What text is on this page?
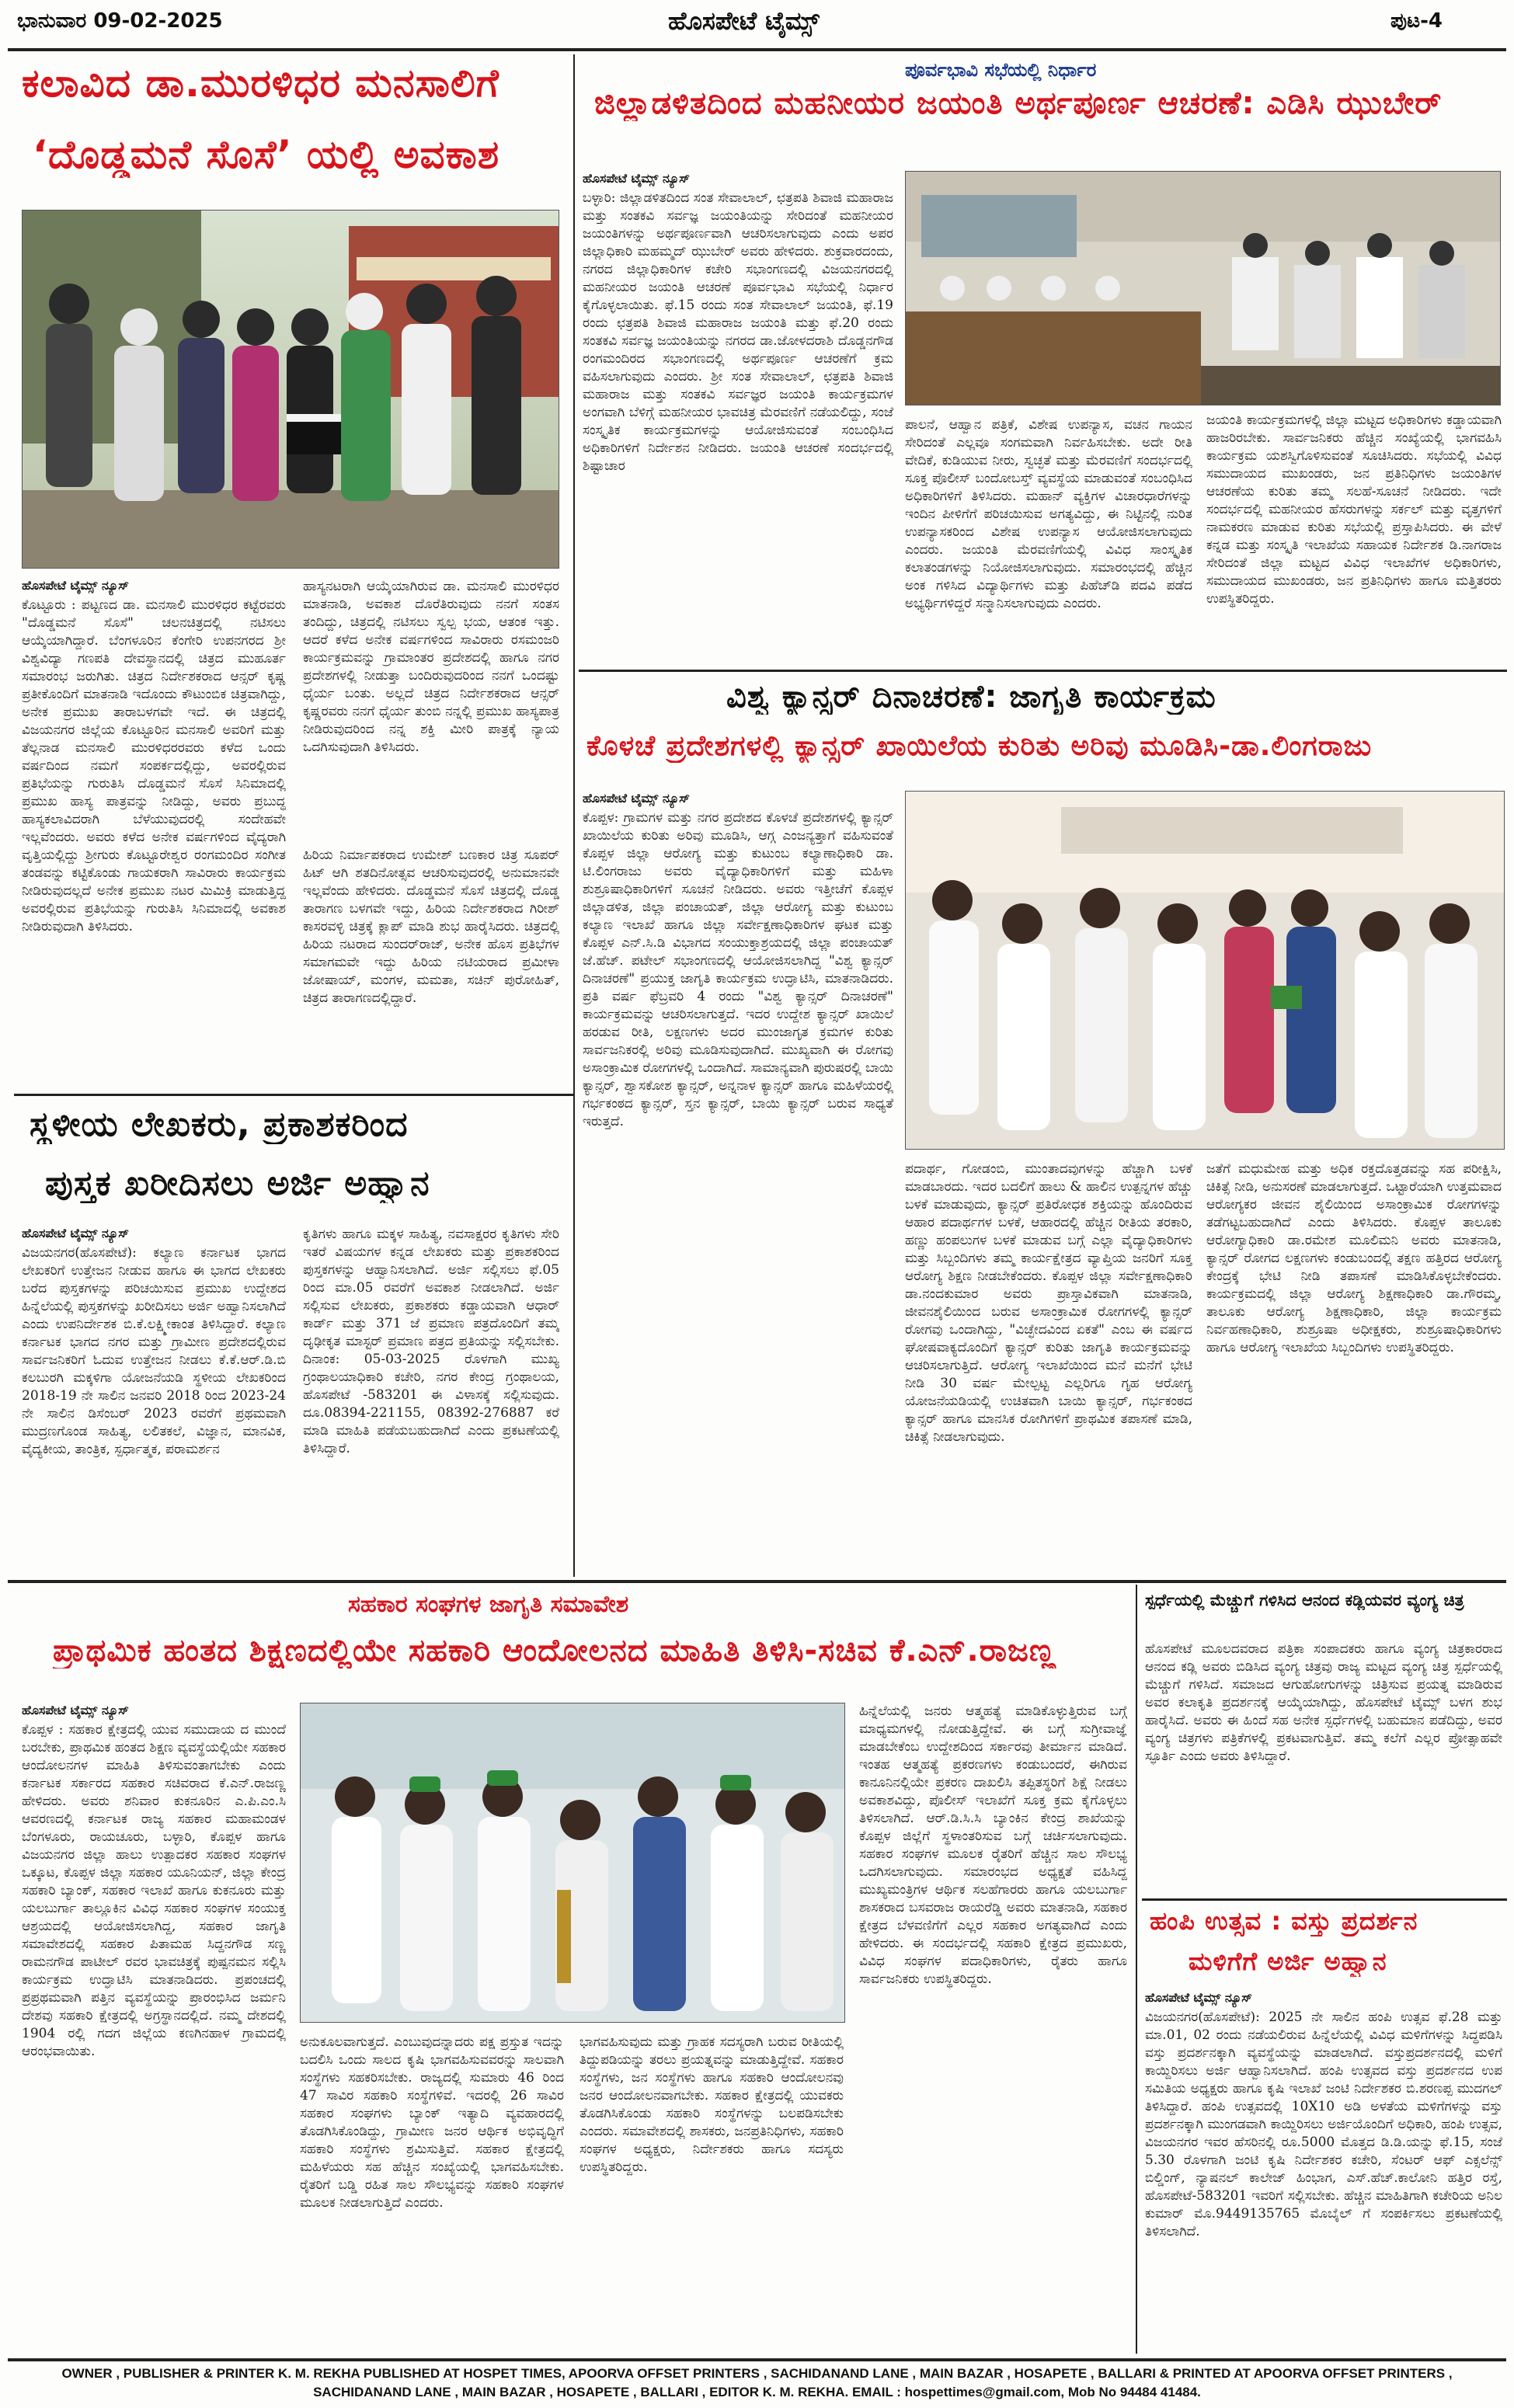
ಭಾನುವಾರ 09-02-2025	ಹೊಸಪೇಟೆ ಟೈಮ್ಸ್	ಪುಟ-4
ಕಲಾವಿದ ಡಾ.ಮುರಳಿಧರ ಮನಸಾಲಿಗೆ
‘ದೊಡ್ಡಮನೆ ಸೊಸೆ’ ಯಲ್ಲಿ ಅವಕಾಶ
ಹೊಸಪೇಟೆ ಟೈಮ್ಸ್ ನ್ಯೂಸ್
ಕೊಟ್ಟೂರು : ಪಟ್ಟಣದ ಡಾ. ಮನಸಾಲಿ ಮುರಳಿಧರ ಕಟ್ಟೆರವರು "ದೊಡ್ಡಮನೆ ಸೊಸೆ" ಚಲನಚಿತ್ರದಲ್ಲಿ ನಟಿಸಲು ಆಯ್ಕೆಯಾಗಿದ್ದಾರೆ. ಬೆಂಗಳೂರಿನ ಕೆಂಗೇರಿ ಉಪನಗರದ ಶ್ರೀ ವಿಶ್ವವಿದ್ಯಾ ಗಣಪತಿ ದೇವಸ್ಥಾನದಲ್ಲಿ ಚಿತ್ರದ ಮುಹೂರ್ತ ಸಮಾರಂಭ ಜರುಗಿತು. ಚಿತ್ರದ ನಿರ್ದೇಶಕರಾದ ಆನ್ಸರ್ ಕೃಷ್ಣ ಪ್ರತೀಕೊಂದಿಗೆ ಮಾತನಾಡಿ ಇದೊಂದು ಕೌಟುಂಬಿಕ ಚಿತ್ರವಾಗಿದ್ದು, ಅನೇಕ ಪ್ರಮುಖ ತಾರಾಬಳಗವೇ ಇದೆ. ಈ ಚಿತ್ರದಲ್ಲಿ ವಿಜಯನಗರ ಜಿಲ್ಲೆಯ ಕೊಟ್ಟೂರಿನ ಮನಸಾಲಿ ಅವರಿಗೆ ಮತ್ತು ತೆಲ್ಲನಾಡ ಮನಸಾಲಿ ಮುರಳಿಧರರವರು ಕಳೆದ ಒಂದು ವರ್ಷದಿಂದ ನಮಗೆ ಸಂಪರ್ಕದಲ್ಲಿದ್ದು, ಅವರಲ್ಲಿರುವ ಪ್ರತಿಭೆಯನ್ನು ಗುರುತಿಸಿ ದೊಡ್ಡಮನೆ ಸೊಸೆ ಸಿನಿಮಾದಲ್ಲಿ ಪ್ರಮುಖ ಹಾಸ್ಯ ಪಾತ್ರವನ್ನು ನೀಡಿದ್ದು, ಅವರು ಪ್ರಬುದ್ಧ ಹಾಸ್ಯಕಲಾವಿದರಾಗಿ ಬೆಳೆಯುವುದರಲ್ಲಿ ಸಂದೇಹವೇ ಇಲ್ಲವೆಂದರು. ಅವರು ಕಳೆದ ಅನೇಕ ವರ್ಷಗಳಿಂದ ವೈದ್ಯರಾಗಿ ವೃತ್ತಿಯಲ್ಲಿದ್ದು ಶ್ರೀಗುರು ಕೊಟ್ಟೂರೇಶ್ವರ ರಂಗಮಂದಿರ ಸಂಗೀತ ತಂಡವನ್ನು ಕಟ್ಟಿಕೊಂಡು ಗಾಯಕರಾಗಿ ಸಾವಿರಾರು ಕಾರ್ಯಕ್ರಮ ನೀಡಿರುವುದಲ್ಲದೆ ಅನೇಕ ಪ್ರಮುಖ ನಟರ ಮಿಮಿಕ್ರಿ ಮಾಡುತ್ತಿದ್ದ ಅವರಲ್ಲಿರುವ ಪ್ರತಿಭೆಯನ್ನು ಗುರುತಿಸಿ ಸಿನಿಮಾದಲ್ಲಿ ಅವಕಾಶ ನೀಡಿರುವುದಾಗಿ ತಿಳಿಸಿದರು.
ಹಾಸ್ಯನಟರಾಗಿ ಆಯ್ಕೆಯಾಗಿರುವ ಡಾ. ಮನಸಾಲಿ ಮುರಳಿಧರ ಮಾತನಾಡಿ, ಅವಕಾಶ ದೊರೆತಿರುವುದು ನನಗೆ ಸಂತಸ ತಂದಿದ್ದು, ಚಿತ್ರದಲ್ಲಿ ನಟಿಸಲು ಸ್ವಲ್ಪ ಭಯ, ಆತಂಕ ಇತ್ತು. ಆದರೆ ಕಳೆದ ಅನೇಕ ವರ್ಷಗಳಿಂದ ಸಾವಿರಾರು ರಸಮಂಜರಿ ಕಾರ್ಯಕ್ರಮವನ್ನು ಗ್ರಾಮಾಂತರ ಪ್ರದೇಶದಲ್ಲಿ ಹಾಗೂ ನಗರ ಪ್ರದೇಶಗಳಲ್ಲಿ ನೀಡುತ್ತಾ ಬಂದಿರುವುದರಿಂದ ನನಗೆ ಒಂದಷ್ಟು ಧೈರ್ಯ ಬಂತು. ಅಲ್ಲದೆ ಚಿತ್ರದ ನಿರ್ದೇಶಕರಾದ ಆನ್ಸರ್ ಕೃಷ್ಣರವರು ನನಗೆ ಧೈರ್ಯ ತುಂಬಿ ನನ್ನಲ್ಲಿ ಪ್ರಮುಖ ಹಾಸ್ಯಪಾತ್ರ ನೀಡಿರುವುದರಿಂದ ನನ್ನ ಶಕ್ತಿ ಮೀರಿ ಪಾತ್ರಕ್ಕೆ ನ್ಯಾಯ ಒದಗಿಸುವುದಾಗಿ ತಿಳಿಸಿದರು.
ಹಿರಿಯ ನಿರ್ಮಾಪಕರಾದ ಉಮೇಶ್ ಬಣಕಾರ ಚಿತ್ರ ಸೂಪರ್ ಹಿಟ್ ಆಗಿ ಶತದಿನೋತ್ಸವ ಆಚರಿಸುವುದರಲ್ಲಿ ಅನುಮಾನವೇ ಇಲ್ಲವೆಂದು ಹೇಳಿದರು. ದೊಡ್ಡಮನೆ ಸೊಸೆ ಚಿತ್ರದಲ್ಲಿ ದೊಡ್ಡ ತಾರಾಗಣ ಬಳಗವೇ ಇದ್ದು, ಹಿರಿಯ ನಿರ್ದೇಶಕರಾದ ಗಿರೀಶ್ ಕಾಸರವಳ್ಳಿ ಚಿತ್ರಕ್ಕೆ ಕ್ಲಾಪ್ ಮಾಡಿ ಶುಭ ಹಾರೈಸಿದರು. ಚಿತ್ರದಲ್ಲಿ ಹಿರಿಯ ನಟರಾದ ಸುಂದರ್‌ರಾಜ್, ಅನೇಕ ಹೊಸ ಪ್ರತಿಭೆಗಳ ಸಮಾಗಮವೇ ಇದ್ದು ಹಿರಿಯ ನಟಿಯರಾದ ಪ್ರಮೀಳಾ ಜೋಷಾಯ್, ಮಂಗಳ, ಮಮತಾ, ಸಚಿನ್ ಪುರೋಹಿತ್, ಚಿತ್ರದ ತಾರಾಗಣದಲ್ಲಿದ್ದಾರೆ.
ಪೂರ್ವಭಾವಿ ಸಭೆಯಲ್ಲಿ ನಿರ್ಧಾರ
ಜಿಲ್ಲಾಡಳಿತದಿಂದ ಮಹನೀಯರ ಜಯಂತಿ ಅರ್ಥಪೂರ್ಣ ಆಚರಣೆ: ಎಡಿಸಿ ಝುಬೇರ್
ಹೊಸಪೇಟೆ ಟೈಮ್ಸ್ ನ್ಯೂಸ್
ಬಳ್ಳಾರಿ: ಜಿಲ್ಲಾಡಳಿತದಿಂದ ಸಂತ ಸೇವಾಲಾಲ್, ಛತ್ರಪತಿ ಶಿವಾಜಿ ಮಹಾರಾಜ ಮತ್ತು ಸಂತಕವಿ ಸರ್ವಜ್ಞ ಜಯಂತಿಯನ್ನು ಸೇರಿದಂತೆ ಮಹನೀಯರ ಜಯಂತಿಗಳನ್ನು ಅರ್ಥಪೂರ್ಣವಾಗಿ ಆಚರಿಸಲಾಗುವುದು ಎಂದು ಅಪರ ಜಿಲ್ಲಾಧಿಕಾರಿ ಮಹಮ್ಮದ್ ಝುಬೇರ್ ಅವರು ಹೇಳಿದರು. ಶುಕ್ರವಾರದಂದು, ನಗರದ ಜಿಲ್ಲಾಧಿಕಾರಿಗಳ ಕಚೇರಿ ಸಭಾಂಗಣದಲ್ಲಿ ವಿಜಯನಗರದಲ್ಲಿ ಮಹನೀಯರ ಜಯಂತಿ ಆಚರಣೆ ಪೂರ್ವಭಾವಿ ಸಭೆಯಲ್ಲಿ ನಿರ್ಧಾರ ಕೈಗೊಳ್ಳಲಾಯಿತು. ಫೆ.15 ರಂದು ಸಂತ ಸೇವಾಲಾಲ್ ಜಯಂತಿ, ಫೆ.19 ರಂದು ಛತ್ರಪತಿ ಶಿವಾಜಿ ಮಹಾರಾಜ ಜಯಂತಿ ಮತ್ತು ಫೆ.20 ರಂದು ಸಂತಕವಿ ಸರ್ವಜ್ಞ ಜಯಂತಿಯನ್ನು ನಗರದ ಡಾ.ಜೋಳದರಾಶಿ ದೊಡ್ಡನಗೌಡ ರಂಗಮಂದಿರದ ಸಭಾಂಗಣದಲ್ಲಿ ಅರ್ಥಪೂರ್ಣ ಆಚರಣೆಗೆ ಕ್ರಮ ವಹಿಸಲಾಗುವುದು ಎಂದರು. ಶ್ರೀ ಸಂತ ಸೇವಾಲಾಲ್, ಛತ್ರಪತಿ ಶಿವಾಜಿ ಮಹಾರಾಜ ಮತ್ತು ಸಂತಕವಿ ಸರ್ವಜ್ಞರ ಜಯಂತಿ ಕಾರ್ಯಕ್ರಮಗಳ ಅಂಗವಾಗಿ ಬೆಳಿಗ್ಗೆ ಮಹನೀಯರ ಭಾವಚಿತ್ರ ಮೆರವಣಿಗೆ ನಡೆಯಲಿದ್ದು, ಸಂಜೆ ಸಂಸ್ಕೃತಿಕ ಕಾರ್ಯಕ್ರಮಗಳನ್ನು ಆಯೋಜಿಸುವಂತೆ ಸಂಬಂಧಿಸಿದ ಅಧಿಕಾರಿಗಳಿಗೆ ನಿರ್ದೇಶನ ನೀಡಿದರು. ಜಯಂತಿ ಆಚರಣೆ ಸಂದರ್ಭದಲ್ಲಿ ಶಿಷ್ಟಾಚಾರ
ಪಾಲನೆ, ಆಹ್ವಾನ ಪತ್ರಿಕೆ, ವಿಶೇಷ ಉಪನ್ಯಾಸ, ವಚನ ಗಾಯನ ಸೇರಿದಂತೆ ಎಲ್ಲವೂ ಸಂಗಮವಾಗಿ ನಿರ್ವಹಿಸಬೇಕು. ಅದೇ ರೀತಿ ವೇದಿಕೆ, ಕುಡಿಯುವ ನೀರು, ಸ್ವಚ್ಛತೆ ಮತ್ತು ಮೆರವಣಿಗೆ ಸಂದರ್ಭದಲ್ಲಿ ಸೂಕ್ತ ಪೊಲೀಸ್ ಬಂದೋಬಸ್ತ್ ವ್ಯವಸ್ಥೆಯ ಮಾಡುವಂತೆ ಸಂಬಂಧಿಸಿದ ಅಧಿಕಾರಿಗಳಿಗೆ ತಿಳಿಸಿದರು. ಮಹಾನ್ ವ್ಯಕ್ತಿಗಳ ವಿಚಾರಧಾರೆಗಳನ್ನು ಇಂದಿನ ಪೀಳಿಗೆಗೆ ಪರಿಚಯಿಸುವ ಅಗತ್ಯವಿದ್ದು, ಈ ನಿಟ್ಟಿನಲ್ಲಿ ನುರಿತ ಉಪನ್ಯಾಸಕರಿಂದ ವಿಶೇಷ ಉಪನ್ಯಾಸ ಆಯೋಜಿಸಲಾಗುವುದು ಎಂದರು. ಜಯಂತಿ ಮೆರವಣಿಗೆಯಲ್ಲಿ ವಿವಿಧ ಸಾಂಸ್ಕೃತಿಕ ಕಲಾತಂಡಗಳನ್ನು ನಿಯೋಜಿಸಲಾಗುವುದು. ಸಮಾರಂಭದಲ್ಲಿ ಹೆಚ್ಚಿನ ಅಂಕ ಗಳಿಸಿದ ವಿದ್ಯಾರ್ಥಿಗಳು ಮತ್ತು ಪಿಹೆಚ್‌ಡಿ ಪದವಿ ಪಡೆದ ಅಭ್ಯರ್ಥಿಗಳಿದ್ದರೆ ಸನ್ಮಾನಿಸಲಾಗುವುದು ಎಂದರು.
ಜಯಂತಿ ಕಾರ್ಯಕ್ರಮಗಳಲ್ಲಿ ಜಿಲ್ಲಾ ಮಟ್ಟದ ಅಧಿಕಾರಿಗಳು ಕಡ್ಡಾಯವಾಗಿ ಹಾಜರಿರಬೇಕು. ಸಾರ್ವಜನಿಕರು ಹೆಚ್ಚಿನ ಸಂಖ್ಯೆಯಲ್ಲಿ ಭಾಗವಹಿಸಿ ಕಾರ್ಯಕ್ರಮ ಯಶಸ್ವಿಗೊಳಿಸುವಂತೆ ಸೂಚಿಸಿದರು. ಸಭೆಯಲ್ಲಿ ವಿವಿಧ ಸಮುದಾಯದ ಮುಖಂಡರು, ಜನ ಪ್ರತಿನಿಧಿಗಳು ಜಯಂತಿಗಳ ಆಚರಣೆಯ ಕುರಿತು ತಮ್ಮ ಸಲಹೆ-ಸೂಚನೆ ನೀಡಿದರು. ಇದೇ ಸಂದರ್ಭದಲ್ಲಿ ಮಹನೀಯರ ಹೆಸರುಗಳನ್ನು ಸರ್ಕಲ್ ಮತ್ತು ವೃತ್ತಗಳಿಗೆ ನಾಮಕರಣ ಮಾಡುವ ಕುರಿತು ಸಭೆಯಲ್ಲಿ ಪ್ರಸ್ತಾಪಿಸಿದರು. ಈ ವೇಳೆ ಕನ್ನಡ ಮತ್ತು ಸಂಸ್ಕೃತಿ ಇಲಾಖೆಯ ಸಹಾಯಕ ನಿರ್ದೇಶಕ ಡಿ.ನಾಗರಾಜ ಸೇರಿದಂತೆ ಜಿಲ್ಲಾ ಮಟ್ಟದ ವಿವಿಧ ಇಲಾಖೆಗಳ ಅಧಿಕಾರಿಗಳು, ಸಮುದಾಯದ ಮುಖಂಡರು, ಜನ ಪ್ರತಿನಿಧಿಗಳು ಹಾಗೂ ಮತ್ತಿತರರು ಉಪಸ್ಥಿತರಿದ್ದರು.
ವಿಶ್ವ ಕ್ಯಾನ್ಸರ್ ದಿನಾಚರಣೆ: ಜಾಗೃತಿ ಕಾರ್ಯಕ್ರಮ
ಕೊಳಚೆ ಪ್ರದೇಶಗಳಲ್ಲಿ ಕ್ಯಾನ್ಸರ್ ಖಾಯಿಲೆಯ ಕುರಿತು ಅರಿವು ಮೂಡಿಸಿ-ಡಾ.ಲಿಂಗರಾಜು
ಹೊಸಪೇಟೆ ಟೈಮ್ಸ್ ನ್ಯೂಸ್
ಕೊಪ್ಪಳ: ಗ್ರಾಮಗಳ ಮತ್ತು ನಗರ ಪ್ರದೇಶದ ಕೊಳಚೆ ಪ್ರದೇಶಗಳಲ್ಲಿ ಕ್ಯಾನ್ಸರ್ ಖಾಯಿಲೆಯ ಕುರಿತು ಅರಿವು ಮೂಡಿಸಿ, ಆಗ್ಗ ಎಂಜನ್ಯತ್ತಾಗೆ ವಹಿಸುವಂತೆ ಕೊಪ್ಪಳ ಜಿಲ್ಲಾ ಆರೋಗ್ಯ ಮತ್ತು ಕುಟುಂಬ ಕಲ್ಯಾಣಾಧಿಕಾರಿ ಡಾ. ಟಿ.ಲಿಂಗರಾಜು ಅವರು ವೈದ್ಯಾಧಿಕಾರಿಗಳಿಗೆ ಮತ್ತು ಮಹಿಳಾ ಶುಶ್ರೂಷಾಧಿಕಾರಿಗಳಿಗೆ ಸೂಚನೆ ನೀಡಿದರು. ಅವರು ಇತ್ತೀಚೆಗೆ ಕೊಪ್ಪಳ ಜಿಲ್ಲಾಡಳಿತ, ಜಿಲ್ಲಾ ಪಂಚಾಯತ್, ಜಿಲ್ಲಾ ಆರೋಗ್ಯ ಮತ್ತು ಕುಟುಂಬ ಕಲ್ಯಾಣ ಇಲಾಖೆ ಹಾಗೂ ಜಿಲ್ಲಾ ಸರ್ವೇಕ್ಷಣಾಧಿಕಾರಿಗಳ ಘಟಕ ಮತ್ತು ಕೊಪ್ಪಳ ಎನ್.ಸಿ.ಡಿ ವಿಭಾಗದ ಸಂಯುಕ್ತಾಶ್ರಯದಲ್ಲಿ ಜಿಲ್ಲಾ ಪಂಚಾಯತ್ ಜೆ.ಹೆಚ್. ಪಟೇಲ್ ಸಭಾಂಗಣದಲ್ಲಿ ಆಯೋಜಿಸಲಾಗಿದ್ದ "ವಿಶ್ವ ಕ್ಯಾನ್ಸರ್ ದಿನಾಚರಣೆ" ಪ್ರಯುಕ್ತ ಜಾಗೃತಿ ಕಾರ್ಯಕ್ರಮ ಉದ್ಘಾಟಿಸಿ, ಮಾತನಾಡಿದರು. ಪ್ರತಿ ವರ್ಷ ಫೆಬ್ರವರಿ 4 ರಂದು "ವಿಶ್ವ ಕ್ಯಾನ್ಸರ್ ದಿನಾಚರಣೆ" ಕಾರ್ಯಕ್ರಮವನ್ನು ಆಚರಿಸಲಾಗುತ್ತದೆ. ಇದರ ಉದ್ದೇಶ ಕ್ಯಾನ್ಸರ್ ಖಾಯಿಲೆ ಹರಡುವ ರೀತಿ, ಲಕ್ಷಣಗಳು ಅದರ ಮುಂಜಾಗೃತ ಕ್ರಮಗಳ ಕುರಿತು ಸಾರ್ವಜನಿಕರಲ್ಲಿ ಅರಿವು ಮೂಡಿಸುವುದಾಗಿದೆ. ಮುಖ್ಯವಾಗಿ ಈ ರೋಗವು ಅಸಾಂಕ್ರಾಮಿಕ ರೋಗಗಳಲ್ಲಿ ಒಂದಾಗಿದೆ. ಸಾಮಾನ್ಯವಾಗಿ ಪುರುಷರಲ್ಲಿ ಬಾಯಿ ಕ್ಯಾನ್ಸರ್, ಶ್ವಾಸಕೋಶ ಕ್ಯಾನ್ಸರ್, ಅನ್ನನಾಳ ಕ್ಯಾನ್ಸರ್ ಹಾಗೂ ಮಹಿಳೆಯರಲ್ಲಿ ಗರ್ಭಕಂಠದ ಕ್ಯಾನ್ಸರ್, ಸ್ತನ ಕ್ಯಾನ್ಸರ್, ಬಾಯಿ ಕ್ಯಾನ್ಸರ್ ಬರುವ ಸಾಧ್ಯತೆ ಇರುತ್ತದೆ.
ಪದಾರ್ಥ, ಗೋಡಂಬಿ, ಮುಂತಾದವುಗಳನ್ನು ಹೆಚ್ಚಾಗಿ ಬಳಕೆ ಮಾಡಬಾರದು. ಇದರ ಬದಲಿಗೆ ಹಾಲು & ಹಾಲಿನ ಉತ್ಪನ್ನಗಳ ಹೆಚ್ಚು ಬಳಕೆ ಮಾಡುವುದು, ಕ್ಯಾನ್ಸರ್ ಪ್ರತಿರೋಧಕ ಶಕ್ತಿಯನ್ನು ಹೊಂದಿರುವ ಆಹಾರ ಪದಾರ್ಥಗಳ ಬಳಕೆ, ಆಹಾರದಲ್ಲಿ ಹೆಚ್ಚಿನ ರೀತಿಯ ತರಕಾರಿ, ಹಣ್ಣು ಹಂಪಲುಗಳ ಬಳಕೆ ಮಾಡುವ ಬಗ್ಗೆ ಎಲ್ಲಾ ವೈದ್ಯಾಧಿಕಾರಿಗಳು ಮತ್ತು ಸಿಬ್ಬಂದಿಗಳು ತಮ್ಮ ಕಾರ್ಯಕ್ಷೇತ್ರದ ವ್ಯಾಪ್ತಿಯ ಜನರಿಗೆ ಸೂಕ್ತ ಆರೋಗ್ಯ ಶಿಕ್ಷಣ ನೀಡಬೇಕೆಂದರು. ಕೊಪ್ಪಳ ಜಿಲ್ಲಾ ಸರ್ವೇಕ್ಷಣಾಧಿಕಾರಿ ಡಾ.ನಂದಕುಮಾರ ಅವರು ಪ್ರಾಸ್ತಾವಿಕವಾಗಿ ಮಾತನಾಡಿ, ಜೀವನಶೈಲಿಯಿಂದ ಬರುವ ಅಸಾಂಕ್ರಾಮಿಕ ರೋಗಗಳಲ್ಲಿ ಕ್ಯಾನ್ಸರ್ ರೋಗವು ಒಂದಾಗಿದ್ದು, "ವಿಚ್ಛೇದವಿಂದ ಏಕತೆ" ಎಂಬ ಈ ವರ್ಷದ ಘೋಷವಾಕ್ಯದೊಂದಿಗೆ ಕ್ಯಾನ್ಸರ್ ಕುರಿತು ಜಾಗೃತಿ ಕಾರ್ಯಕ್ರಮವನ್ನು ಆಚರಿಸಲಾಗುತ್ತಿದೆ. ಆರೋಗ್ಯ ಇಲಾಖೆಯಿಂದ ಮನೆ ಮನೆಗೆ ಭೇಟಿ ನೀಡಿ 30 ವರ್ಷ ಮೇಲ್ಪಟ್ಟ ಎಲ್ಲರಿಗೂ ಗೃಹ ಆರೋಗ್ಯ ಯೋಜನೆಯಡಿಯಲ್ಲಿ ಉಚಿತವಾಗಿ ಬಾಯಿ ಕ್ಯಾನ್ಸರ್, ಗರ್ಭಕಂಠದ ಕ್ಯಾನ್ಸರ್ ಹಾಗೂ ಮಾನಸಿಕ ರೋಗಿಗಳಿಗೆ ಪ್ರಾಥಮಿಕ ತಪಾಸಣೆ ಮಾಡಿ, ಚಿಕಿತ್ಸೆ ನೀಡಲಾಗುವುದು.
ಜತೆಗೆ ಮಧುಮೇಹ ಮತ್ತು ಅಧಿಕ ರಕ್ತದೊತ್ತಡವನ್ನು ಸಹ ಪರೀಕ್ಷಿಸಿ, ಚಿಕಿತ್ಸೆ ನೀಡಿ, ಅನುಸರಣೆ ಮಾಡಲಾಗುತ್ತದೆ. ಒಟ್ಟಾರೆಯಾಗಿ ಉತ್ತಮವಾದ ಆರೋಗ್ಯಕರ ಜೀವನ ಶೈಲಿಯಿಂದ ಅಸಾಂಕ್ರಾಮಿಕ ರೋಗಗಳನ್ನು ತಡೆಗಟ್ಟಬಹುದಾಗಿದೆ ಎಂದು ತಿಳಿಸಿದರು. ಕೊಪ್ಪಳ ತಾಲೂಕು ಆರೋಗ್ಯಾಧಿಕಾರಿ ಡಾ.ರಮೇಶ ಮೂಲಿಮನಿ ಅವರು ಮಾತನಾಡಿ, ಕ್ಯಾನ್ಸರ್ ರೋಗದ ಲಕ್ಷಣಗಳು ಕಂಡುಬಂದಲ್ಲಿ ತಕ್ಷಣ ಹತ್ತಿರದ ಆರೋಗ್ಯ ಕೇಂದ್ರಕ್ಕೆ ಭೇಟಿ ನೀಡಿ ತಪಾಸಣೆ ಮಾಡಿಸಿಕೊಳ್ಳಬೇಕೆಂದರು. ಕಾರ್ಯಕ್ರಮದಲ್ಲಿ ಜಿಲ್ಲಾ ಆರೋಗ್ಯ ಶಿಕ್ಷಣಾಧಿಕಾರಿ ಡಾ.ಗೌರಮ್ಮ, ತಾಲೂಕು ಆರೋಗ್ಯ ಶಿಕ್ಷಣಾಧಿಕಾರಿ, ಜಿಲ್ಲಾ ಕಾರ್ಯಕ್ರಮ ನಿರ್ವಹಣಾಧಿಕಾರಿ, ಶುಶ್ರೂಷಾ ಅಧೀಕ್ಷಕರು, ಶುಶ್ರೂಷಾಧಿಕಾರಿಗಳು ಹಾಗೂ ಆರೋಗ್ಯ ಇಲಾಖೆಯ ಸಿಬ್ಬಂದಿಗಳು ಉಪಸ್ಥಿತರಿದ್ದರು.
ಸ್ಥಳೀಯ ಲೇಖಕರು, ಪ್ರಕಾಶಕರಿಂದ
ಪುಸ್ತಕ ಖರೀದಿಸಲು ಅರ್ಜಿ ಅಹ್ವಾನ
ಹೊಸಪೇಟೆ ಟೈಮ್ಸ್ ನ್ಯೂಸ್
ವಿಜಯನಗರ(ಹೊಸಪೇಟೆ): ಕಲ್ಯಾಣ ಕರ್ನಾಟಕ ಭಾಗದ ಲೇಖಕರಿಗೆ ಉತ್ತೇಜನ ನೀಡುವ ಹಾಗೂ ಈ ಭಾಗದ ಲೇಖಕರು ಬರೆದ ಪುಸ್ತಕಗಳನ್ನು ಪರಿಚಯಿಸುವ ಪ್ರಮುಖ ಉದ್ದೇಶದ ಹಿನ್ನೆಲೆಯಲ್ಲಿ ಪುಸ್ತಕಗಳನ್ನು ಖರೀದಿಸಲು ಅರ್ಜಿ ಅಹ್ವಾನಿಸಲಾಗಿದೆ ಎಂದು ಉಪನಿರ್ದೇಶಕ ಬಿ.ಕೆ.ಲಕ್ಷ್ಮೀಕಾಂತ ತಿಳಿಸಿದ್ದಾರೆ. ಕಲ್ಯಾಣ ಕರ್ನಾಟಕ ಭಾಗದ ನಗರ ಮತ್ತು ಗ್ರಾಮೀಣ ಪ್ರದೇಶದಲ್ಲಿರುವ ಸಾರ್ವಜನಿಕರಿಗೆ ಓದುವ ಉತ್ತೇಜನ ನೀಡಲು ಕೆ.ಕೆ.ಆರ್.ಡಿ.ಬಿ ಕಲಬುರಗಿ ಮಕ್ಕಳಿಗಾ ಯೋಜನೆಯಡಿ ಸ್ಥಳೀಯ ಲೇಖಕರಿಂದ 2018-19 ನೇ ಸಾಲಿನ ಜನವರಿ 2018 ರಿಂದ 2023-24 ನೇ ಸಾಲಿನ ಡಿಸೆಂಬರ್ 2023 ರವರೆಗೆ ಪ್ರಥಮವಾಗಿ ಮುದ್ರಣಗೊಂಡ ಸಾಹಿತ್ಯ, ಲಲಿತಕಲೆ, ವಿಜ್ಞಾನ, ಮಾನವಿಕ, ವೈದ್ಯಕೀಯ, ತಾಂತ್ರಿಕ, ಸ್ಪರ್ಧಾತ್ಮಕ, ಪರಾಮರ್ಶನ
ಕೃತಿಗಳು ಹಾಗೂ ಮಕ್ಕಳ ಸಾಹಿತ್ಯ, ನವಸಾಕ್ಷರರ ಕೃತಿಗಳು ಸೇರಿ ಇತರೆ ವಿಷಯಗಳ ಕನ್ನಡ ಲೇಖಕರು ಮತ್ತು ಪ್ರಕಾಶಕರಿಂದ ಪುಸ್ತಕಗಳನ್ನು ಆಹ್ವಾನಿಸಲಾಗಿದೆ. ಅರ್ಜಿ ಸಲ್ಲಿಸಲು ಫೆ.05 ರಿಂದ ಮಾ.05 ರವರೆಗೆ ಅವಕಾಶ ನೀಡಲಾಗಿದೆ. ಅರ್ಜಿ ಸಲ್ಲಿಸುವ ಲೇಖಕರು, ಪ್ರಕಾಶಕರು ಕಡ್ಡಾಯವಾಗಿ ಆಧಾರ್ ಕಾರ್ಡ್ ಮತ್ತು 371 ಜೆ ಪ್ರಮಾಣ ಪತ್ರದೊಂದಿಗೆ ತಮ್ಮ ದೃಢೀಕೃತ ಮಾಸ್ಟರ್ ಪ್ರಮಾಣ ಪತ್ರದ ಪ್ರತಿಯನ್ನು ಸಲ್ಲಿಸಬೇಕು. ದಿನಾಂಕ: 05-03-2025 ರೊಳಗಾಗಿ ಮುಖ್ಯ ಗ್ರಂಥಾಲಯಾಧಿಕಾರಿ ಕಚೇರಿ, ನಗರ ಕೇಂದ್ರ ಗ್ರಂಥಾಲಯ, ಹೊಸಪೇಟೆ -583201 ಈ ವಿಳಾಸಕ್ಕೆ ಸಲ್ಲಿಸುವುದು. ದೂ.08394-221155, 08392-276887 ಕರೆ ಮಾಡಿ ಮಾಹಿತಿ ಪಡೆಯಬಹುದಾಗಿದೆ ಎಂದು ಪ್ರಕಟಣೆಯಲ್ಲಿ ತಿಳಿಸಿದ್ದಾರೆ.
ಸಹಕಾರ ಸಂಘಗಳ ಜಾಗೃತಿ ಸಮಾವೇಶ
ಪ್ರಾಥಮಿಕ ಹಂತದ ಶಿಕ್ಷಣದಲ್ಲಿಯೇ ಸಹಕಾರಿ ಆಂದೋಲನದ ಮಾಹಿತಿ ತಿಳಿಸಿ-ಸಚಿವ ಕೆ.ಎನ್.ರಾಜಣ್ಣ
ಹೊಸಪೇಟೆ ಟೈಮ್ಸ್ ನ್ಯೂಸ್
ಕೊಪ್ಪಳ : ಸಹಕಾರ ಕ್ಷೇತ್ರದಲ್ಲಿ ಯುವ ಸಮುದಾಯ ದ ಮುಂದೆ ಬರಬೇಕು, ಪ್ರಾಥಮಿಕ ಹಂತದ ಶಿಕ್ಷಣ ವ್ಯವಸ್ಥೆಯಲ್ಲಿಯೇ ಸಹಕಾರ ಆಂದೋಲನಗಳ ಮಾಹಿತಿ ತಿಳಿಸುವಂತಾಗಬೇಕು ಎಂದು ಕರ್ನಾಟಕ ಸರ್ಕಾರದ ಸಹಕಾರ ಸಚಿವರಾದ ಕೆ.ಎನ್.ರಾಜಣ್ಣ ಹೇಳಿದರು. ಅವರು ಶನಿವಾರ ಕುಕನೂರಿನ ಎ.ಪಿ.ಎಂ.ಸಿ ಆವರಣದಲ್ಲಿ ಕರ್ನಾಟಕ ರಾಜ್ಯ ಸಹಕಾರ ಮಹಾಮಂಡಳ ಬೆಂಗಳೂರು, ರಾಯಚೂರು, ಬಳ್ಳಾರಿ, ಕೊಪ್ಪಳ ಹಾಗೂ ವಿಜಯನಗರ ಜಿಲ್ಲಾ ಹಾಲು ಉತ್ಪಾದಕರ ಸಹಕಾರ ಸಂಘಗಳ ಒಕ್ಕೂಟ, ಕೊಪ್ಪಳ ಜಿಲ್ಲಾ ಸಹಕಾರ ಯೂನಿಯನ್, ಜಿಲ್ಲಾ ಕೇಂದ್ರ ಸಹಕಾರಿ ಬ್ಯಾಂಕ್, ಸಹಕಾರ ಇಲಾಖೆ ಹಾಗೂ ಕುಕನೂರು ಮತ್ತು ಯಲಬುರ್ಗಾ ತಾಲ್ಲೂಕಿನ ವಿವಿಧ ಸಹಕಾರ ಸಂಘಗಳ ಸಂಯುಕ್ತ ಆಶ್ರಯದಲ್ಲಿ ಆಯೋಜಿಸಲಾಗಿದ್ದ, ಸಹಕಾರ ಜಾಗೃತಿ ಸಮಾವೇಶದಲ್ಲಿ ಸಹಕಾರ ಪಿತಾಮಹ ಸಿದ್ದನಗೌಡ ಸಣ್ಣ ರಾಮನಗೌಡ ಪಾಟೀಲ್ ರವರ ಭಾವಚಿತ್ರಕ್ಕೆ ಪುಷ್ಪನಮನ ಸಲ್ಲಿಸಿ ಕಾರ್ಯಕ್ರಮ ಉದ್ಘಾಟಿಸಿ ಮಾತನಾಡಿದರು. ಪ್ರಪಂಚದಲ್ಲಿ ಪ್ರಪ್ರಥಮವಾಗಿ ಪತ್ತಿನ ವ್ಯವಸ್ಥೆಯನ್ನು ಪ್ರಾರಂಭಿಸಿದ ಜರ್ಮನಿ ದೇಶವು ಸಹಕಾರಿ ಕ್ಷೇತ್ರದಲ್ಲಿ ಅಗ್ರಸ್ಥಾನದಲ್ಲಿದೆ. ನಮ್ಮ ದೇಶದಲ್ಲಿ 1904 ರಲ್ಲಿ ಗದಗ ಜಿಲ್ಲೆಯ ಕಣಗಿನಹಾಳ ಗ್ರಾಮದಲ್ಲಿ ಆರಂಭವಾಯಿತು.
ಅನುಕೂಲವಾಗುತ್ತದೆ. ಎಂಬುವುದನ್ನಾದರು ಪಕ್ಷ ಪ್ರಸ್ತುತ ಇದನ್ನು ಬದಲಿಸಿ ಒಂದು ಸಾಲದ ಕೃಷಿ ಭಾಗವಹಿಸುವವರನ್ನು ಸಾಲವಾಗಿ ಸಂಸ್ಥೆಗಳು ಸಹಕರಿಸಬೇಕು. ರಾಜ್ಯದಲ್ಲಿ ಸುಮಾರು 46 ರಿಂದ 47 ಸಾವಿರ ಸಹಕಾರಿ ಸಂಸ್ಥೆಗಳಿವೆ. ಇದರಲ್ಲಿ 26 ಸಾವಿರ ಸಹಕಾರ ಸಂಘಗಳು ಬ್ಯಾಂಕ್ ಇತ್ಯಾದಿ ವ್ಯವಹಾರದಲ್ಲಿ ತೊಡಗಿಸಿಕೊಂಡಿದ್ದು, ಗ್ರಾಮೀಣ ಜನರ ಆರ್ಥಿಕ ಅಭಿವೃದ್ಧಿಗೆ ಸಹಕಾರಿ ಸಂಸ್ಥೆಗಳು ಶ್ರಮಿಸುತ್ತಿವೆ. ಸಹಕಾರ ಕ್ಷೇತ್ರದಲ್ಲಿ ಮಹಿಳೆಯರು ಸಹ ಹೆಚ್ಚಿನ ಸಂಖ್ಯೆಯಲ್ಲಿ ಭಾಗವಹಿಸಬೇಕು. ರೈತರಿಗೆ ಬಡ್ಡಿ ರಹಿತ ಸಾಲ ಸೌಲಭ್ಯವನ್ನು ಸಹಕಾರಿ ಸಂಘಗಳ ಮೂಲಕ ನೀಡಲಾಗುತ್ತಿದೆ ಎಂದರು.
ಭಾಗವಹಿಸುವುದು ಮತ್ತು ಗ್ರಾಹಕ ಸದಸ್ಯರಾಗಿ ಬರುವ ರೀತಿಯಲ್ಲಿ ತಿದ್ದುಪಡಿಯನ್ನು ತರಲು ಪ್ರಯತ್ನವನ್ನು ಮಾಡುತ್ತಿದ್ದೇವೆ. ಸಹಕಾರ ಸಂಸ್ಥೆಗಳು, ಜನ ಸಂಸ್ಥೆಗಳು ಹಾಗೂ ಸಹಕಾರಿ ಆಂದೋಲನವು ಜನರ ಆಂದೋಲನವಾಗಬೇಕು. ಸಹಕಾರ ಕ್ಷೇತ್ರದಲ್ಲಿ ಯುವಕರು ತೊಡಗಿಸಿಕೊಂಡು ಸಹಕಾರಿ ಸಂಸ್ಥೆಗಳನ್ನು ಬಲಪಡಿಸಬೇಕು ಎಂದರು. ಸಮಾವೇಶದಲ್ಲಿ ಶಾಸಕರು, ಜನಪ್ರತಿನಿಧಿಗಳು, ಸಹಕಾರಿ ಸಂಘಗಳ ಅಧ್ಯಕ್ಷರು, ನಿರ್ದೇಶಕರು ಹಾಗೂ ಸದಸ್ಯರು ಉಪಸ್ಥಿತರಿದ್ದರು.
ಹಿನ್ನೆಲೆಯಲ್ಲಿ ಜನರು ಆತ್ಮಹತ್ಯೆ ಮಾಡಿಕೊಳ್ಳುತ್ತಿರುವ ಬಗ್ಗೆ ಮಾಧ್ಯಮಗಳಲ್ಲಿ ನೋಡುತ್ತಿದ್ದೇವೆ. ಈ ಬಗ್ಗೆ ಸುಗ್ರೀವಾಜ್ಞೆ ಮಾಡಬೇಕೆಂಬ ಉದ್ದೇಶದಿಂದ ಸರ್ಕಾರವು ತೀರ್ಮಾನ ಮಾಡಿದೆ. ಇಂತಹ ಆತ್ಮಹತ್ಯೆ ಪ್ರಕರಣಗಳು ಕಂಡುಬಂದರೆ, ಈಗಿರುವ ಕಾನೂನಿನಲ್ಲಿಯೇ ಪ್ರಕರಣ ದಾಖಲಿಸಿ ತಪ್ಪಿತಸ್ಥರಿಗೆ ಶಿಕ್ಷೆ ನೀಡಲು ಅವಕಾಶವಿದ್ದು, ಪೊಲೀಸ್ ಇಲಾಖೆಗೆ ಸೂಕ್ತ ಕ್ರಮ ಕೈಗೊಳ್ಳಲು ತಿಳಿಸಲಾಗಿದೆ. ಆರ್.ಡಿ.ಸಿ.ಸಿ ಬ್ಯಾಂಕಿನ ಕೇಂದ್ರ ಶಾಖೆಯನ್ನು ಕೊಪ್ಪಳ ಜಿಲ್ಲೆಗೆ ಸ್ಥಳಾಂತರಿಸುವ ಬಗ್ಗೆ ಚರ್ಚಿಸಲಾಗುವುದು. ಸಹಕಾರ ಸಂಘಗಳ ಮೂಲಕ ರೈತರಿಗೆ ಹೆಚ್ಚಿನ ಸಾಲ ಸೌಲಭ್ಯ ಒದಗಿಸಲಾಗುವುದು. ಸಮಾರಂಭದ ಅಧ್ಯಕ್ಷತೆ ವಹಿಸಿದ್ದ ಮುಖ್ಯಮಂತ್ರಿಗಳ ಆರ್ಥಿಕ ಸಲಹೆಗಾರರು ಹಾಗೂ ಯಲಬುರ್ಗಾ ಶಾಸಕರಾದ ಬಸವರಾಜ ರಾಯರೆಡ್ಡಿ ಅವರು ಮಾತನಾಡಿ, ಸಹಕಾರ ಕ್ಷೇತ್ರದ ಬೆಳವಣಿಗೆಗೆ ಎಲ್ಲರ ಸಹಕಾರ ಅಗತ್ಯವಾಗಿದೆ ಎಂದು ಹೇಳಿದರು. ಈ ಸಂದರ್ಭದಲ್ಲಿ ಸಹಕಾರಿ ಕ್ಷೇತ್ರದ ಪ್ರಮುಖರು, ವಿವಿಧ ಸಂಘಗಳ ಪದಾಧಿಕಾರಿಗಳು, ರೈತರು ಹಾಗೂ ಸಾರ್ವಜನಿಕರು ಉಪಸ್ಥಿತರಿದ್ದರು.
ಸ್ಪರ್ಧೆಯಲ್ಲಿ ಮೆಚ್ಚುಗೆ ಗಳಿಸಿದ ಆನಂದ ಕಡ್ಲಿಯವರ ವ್ಯಂಗ್ಯ ಚಿತ್ರ
ಹೊಸಪೇಟೆ ಮೂಲದವರಾದ ಪತ್ರಿಕಾ ಸಂಪಾದಕರು ಹಾಗೂ ವ್ಯಂಗ್ಯ ಚಿತ್ರಕಾರರಾದ ಆನಂದ ಕಡ್ಲಿ ಅವರು ಬಿಡಿಸಿದ ವ್ಯಂಗ್ಯ ಚಿತ್ರವು ರಾಜ್ಯ ಮಟ್ಟದ ವ್ಯಂಗ್ಯ ಚಿತ್ರ ಸ್ಪರ್ಧೆಯಲ್ಲಿ ಮೆಚ್ಚುಗೆ ಗಳಿಸಿದೆ. ಸಮಾಜದ ಆಗುಹೋಗುಗಳನ್ನು ಚಿತ್ರಿಸುವ ಪ್ರಯತ್ನ ಮಾಡಿರುವ ಅವರ ಕಲಾಕೃತಿ ಪ್ರದರ್ಶನಕ್ಕೆ ಆಯ್ಕೆಯಾಗಿದ್ದು, ಹೊಸಪೇಟೆ ಟೈಮ್ಸ್ ಬಳಗ ಶುಭ ಹಾರೈಸಿದೆ. ಅವರು ಈ ಹಿಂದೆ ಸಹ ಅನೇಕ ಸ್ಪರ್ಧೆಗಳಲ್ಲಿ ಬಹುಮಾನ ಪಡೆದಿದ್ದು, ಅವರ ವ್ಯಂಗ್ಯ ಚಿತ್ರಗಳು ಪತ್ರಿಕೆಗಳಲ್ಲಿ ಪ್ರಕಟವಾಗುತ್ತಿವೆ. ತಮ್ಮ ಕಲೆಗೆ ಎಲ್ಲರ ಪ್ರೋತ್ಸಾಹವೇ ಸ್ಫೂರ್ತಿ ಎಂದು ಅವರು ತಿಳಿಸಿದ್ದಾರೆ.
ಹಂಪಿ ಉತ್ಸವ : ವಸ್ತು ಪ್ರದರ್ಶನ
ಮಳಿಗೆಗೆ ಅರ್ಜಿ ಅಹ್ವಾನ
ಹೊಸಪೇಟೆ ಟೈಮ್ಸ್ ನ್ಯೂಸ್
ವಿಜಯನಗರ(ಹೊಸಪೇಟೆ): 2025 ನೇ ಸಾಲಿನ ಹಂಪಿ ಉತ್ಸವ ಫೆ.28 ಮತ್ತು ಮಾ.01, 02 ರಂದು ನಡೆಯಲಿರುವ ಹಿನ್ನೆಲೆಯಲ್ಲಿ ವಿವಿಧ ಮಳಿಗೆಗಳನ್ನು ಸಿದ್ಧಪಡಿಸಿ ವಸ್ತು ಪ್ರದರ್ಶನಕ್ಕಾಗಿ ವ್ಯವಸ್ಥೆಯನ್ನು ಮಾಡಲಾಗಿದೆ. ವಸ್ತುಪ್ರದರ್ಶನದಲ್ಲಿ ಮಳಿಗೆ ಕಾಯ್ದಿರಿಸಲು ಅರ್ಜಿ ಆಹ್ವಾನಿಸಲಾಗಿದೆ. ಹಂಪಿ ಉತ್ಸವದ ವಸ್ತು ಪ್ರದರ್ಶನದ ಉಪ ಸಮಿತಿಯ ಅಧ್ಯಕ್ಷರು ಹಾಗೂ ಕೃಷಿ ಇಲಾಖೆ ಜಂಟಿ ನಿರ್ದೇಶಕರ ಬಿ.ಶರಣಪ್ಪ ಮುದಗಲ್ ತಿಳಿಸಿದ್ದಾರೆ. ಹಂಪಿ ಉತ್ಸವದಲ್ಲಿ 10X10 ಅಡಿ ಅಳತೆಯ ಮಳಿಗೆಗಳನ್ನು ವಸ್ತು ಪ್ರದರ್ಶನಕ್ಕಾಗಿ ಮುಂಗಡವಾಗಿ ಕಾಯ್ದಿರಿಸಲು ಅರ್ಜಿಯೊಂದಿಗೆ ಅಧಿಕಾರಿ, ಹಂಪಿ ಉತ್ಸವ, ವಿಜಯನಗರ ಇವರ ಹೆಸರಿನಲ್ಲಿ ರೂ.5000 ಮೊತ್ತದ ಡಿ.ಡಿ.ಯನ್ನು ಫೆ.15, ಸಂಜೆ 5.30 ರೊಳಗಾಗಿ ಜಂಟಿ ಕೃಷಿ ನಿರ್ದೇಶಕರ ಕಚೇರಿ, ಸೆಂಟರ್ ಆಫ್ ಎಕ್ಸಲೆನ್ಸ್ ಬಿಲ್ಡಿಂಗ್, ನ್ಯಾಷನಲ್ ಕಾಲೇಜ್ ಹಿಂಭಾಗ, ಎಸ್.ಹೆಚ್.ಕಾಲೋನಿ ಹತ್ತಿರ ರಸ್ತೆ, ಹೊಸಪೇಟೆ-583201 ಇವರಿಗೆ ಸಲ್ಲಿಸಬೇಕು. ಹೆಚ್ಚಿನ ಮಾಹಿತಿಗಾಗಿ ಕಚೇರಿಯ ಅನಿಲ ಕುಮಾರ್ ಮೊ.9449135765 ಮೊಬೈಲ್ ಗೆ ಸಂಪರ್ಕಿಸಲು ಪ್ರಕಟಣೆಯಲ್ಲಿ ತಿಳಿಸಲಾಗಿದೆ.
OWNER , PUBLISHER & PRINTER K. M. REKHA PUBLISHED AT HOSPET TIMES, APOORVA OFFSET PRINTERS , SACHIDANAND LANE , MAIN BAZAR , HOSAPETE , BALLARI & PRINTED AT APOORVA OFFSET PRINTERS ,
SACHIDANAND LANE , MAIN BAZAR , HOSAPETE , BALLARI , EDITOR K. M. REKHA. EMAIL : hospettimes@gmail.com, Mob No 94484 41484.
